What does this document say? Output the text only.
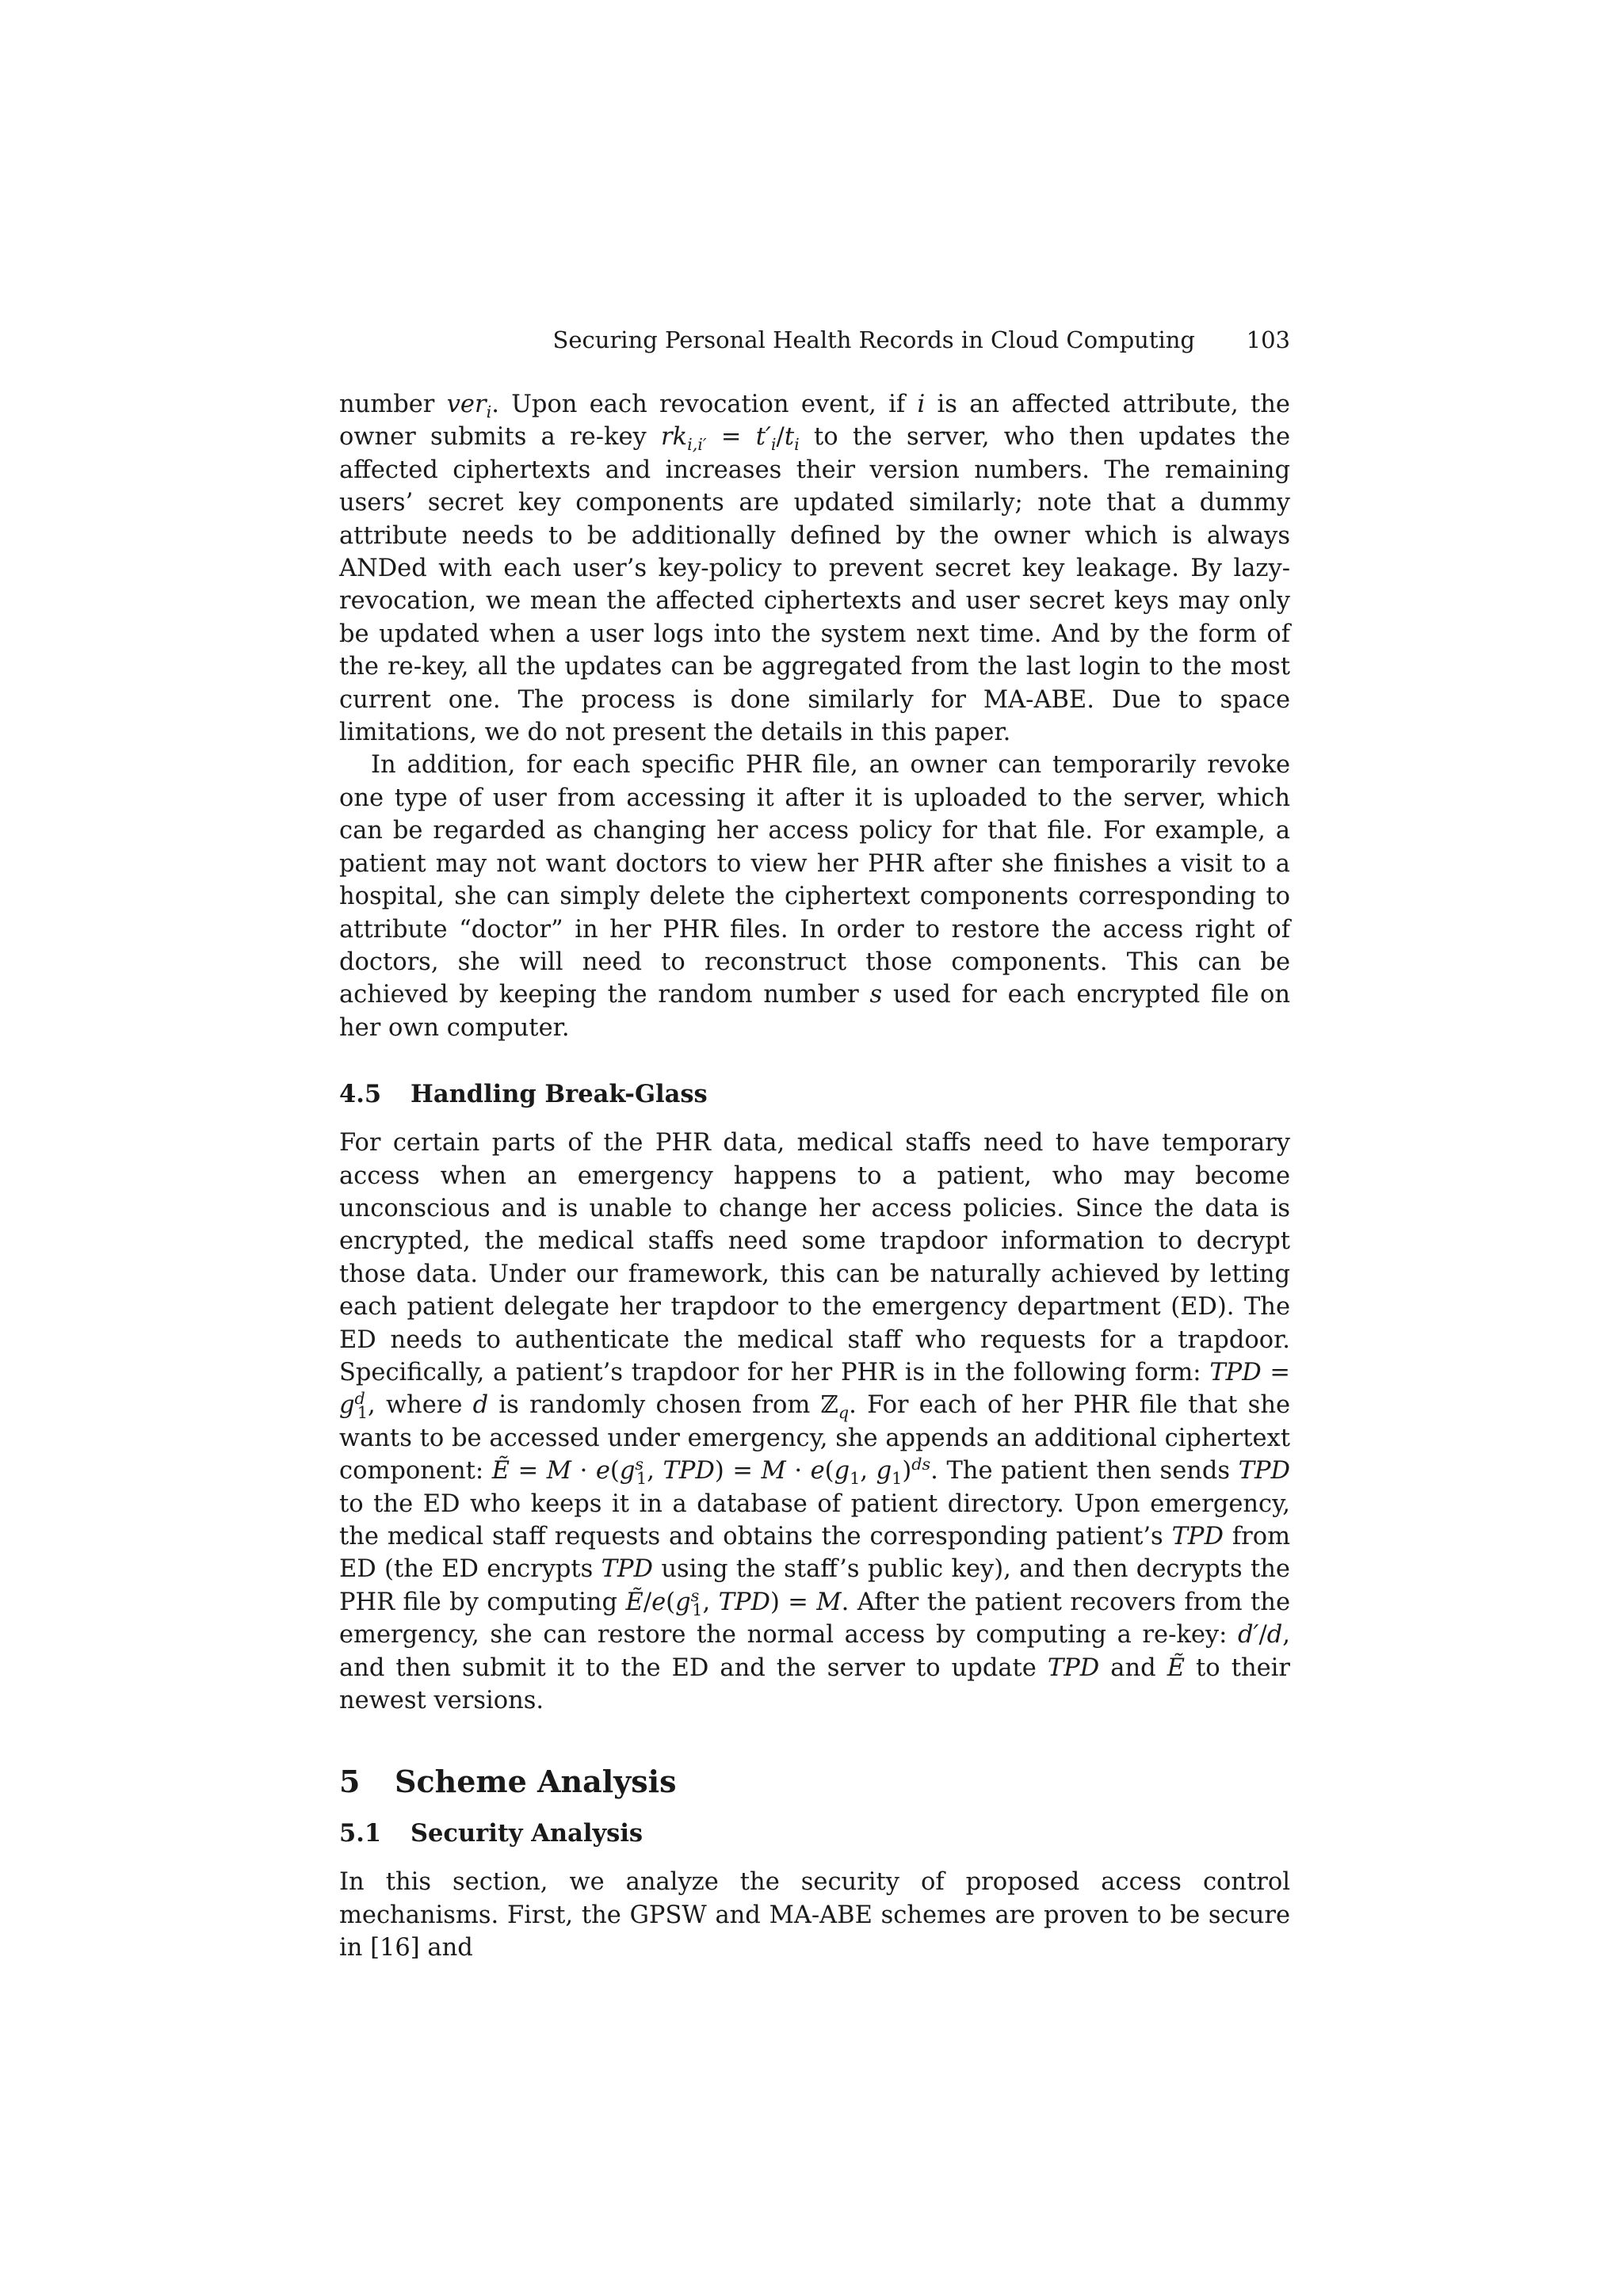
Securing Personal Health Records in Cloud Computing 103

number ver$_i$. Upon each revocation event, if i is an affected attribute, the owner submits a re-key $rk_{i,i'} = t'_i/t_i$ to the server, who then updates the affected ciphertexts and increases their version numbers. The remaining users’ secret key components are updated similarly; note that a dummy attribute needs to be additionally defined by the owner which is always ANDed with each user’s key-policy to prevent secret key leakage. By lazy-revocation, we mean the affected ciphertexts and user secret keys may only be updated when a user logs into the system next time. And by the form of the re-key, all the updates can be aggregated from the last login to the most current one. The process is done similarly for MA-ABE. Due to space limitations, we do not present the details in this paper.

In addition, for each specific PHR file, an owner can temporarily revoke one type of user from accessing it after it is uploaded to the server, which can be regarded as changing her access policy for that file. For example, a patient may not want doctors to view her PHR after she finishes a visit to a hospital, she can simply delete the ciphertext components corresponding to attribute “doctor” in her PHR files. In order to restore the access right of doctors, she will need to reconstruct those components. This can be achieved by keeping the random number s used for each encrypted file on her own computer.

4.5 Handling Break-Glass

For certain parts of the PHR data, medical staffs need to have temporary access when an emergency happens to a patient, who may become unconscious and is unable to change her access policies. Since the data is encrypted, the medical staffs need some trapdoor information to decrypt those data. Under our framework, this can be naturally achieved by letting each patient delegate her trapdoor to the emergency department (ED). The ED needs to authenticate the medical staff who requests for a trapdoor. Specifically, a patient’s trapdoor for her PHR is in the following form: TPD = $g^d_1$, where d is randomly chosen from ℤ$_q$. For each of her PHR file that she wants to be accessed under emergency, she appends an additional ciphertext component: Ẽ = $M \cdot e(g^s_1$, $TPD) = M \cdot e(g_1$, $g_1)^{ds}$. The patient then sends TPD to the ED who keeps it in a database of patient directory. Upon emergency, the medical staff requests and obtains the corresponding patient’s TPD from ED (the ED encrypts TPD using the staff’s public key), and then decrypts the PHR file by computing $Ẽ/e(g^s_1$, TPD) = M. After the patient recovers from the emergency, she can restore the normal access by computing a re-key: d′/d, and then submit it to the ED and the server to update TPD and Ẽ to their newest versions.

5 Scheme Analysis
5.1 Security Analysis

In this section, we analyze the security of proposed access control mechanisms. First, the GPSW and MA-ABE schemes are proven to be secure in [16] and
